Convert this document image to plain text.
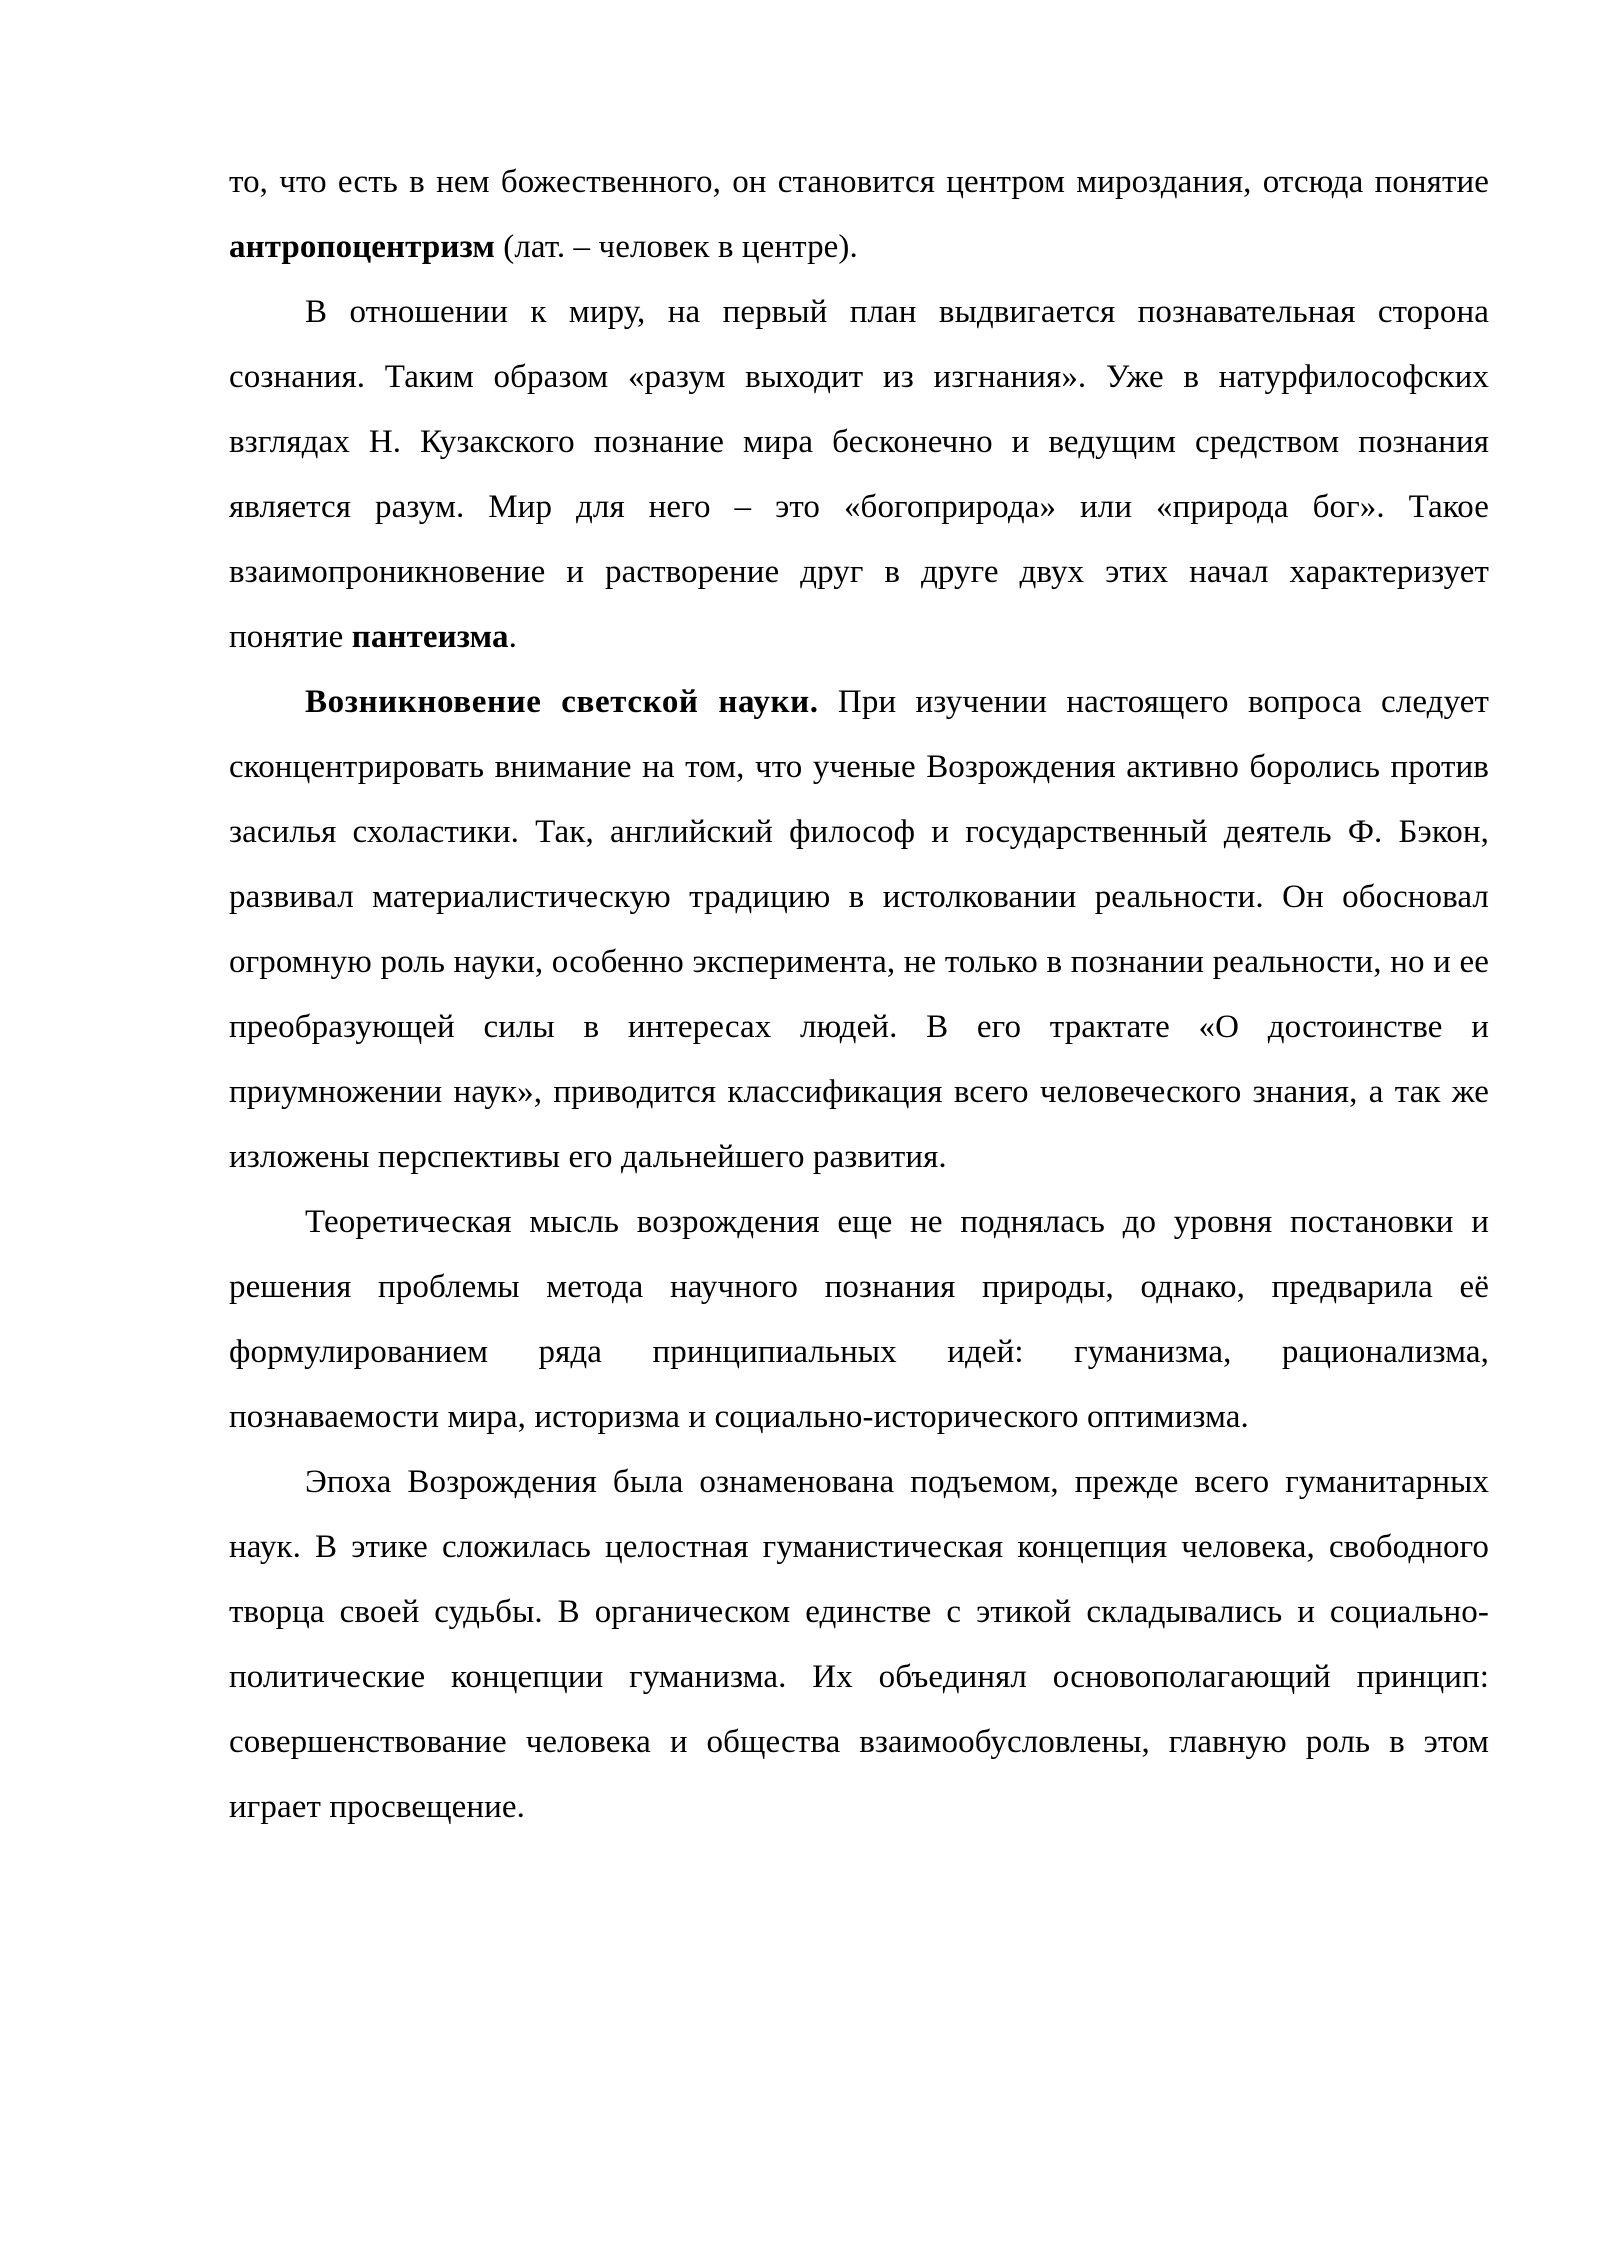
то, что есть в нем божественного, он становится центром мироздания, отсюда понятие антропоцентризм (лат. – человек в центре).

В отношении к миру, на первый план выдвигается познавательная сторона сознания. Таким образом «разум выходит из изгнания». Уже в натурфилософских взглядах Н. Кузакского познание мира бесконечно и ведущим средством познания является разум. Мир для него – это «богоприрода» или «природа бог». Такое взаимопроникновение и растворение друг в друге двух этих начал характеризует понятие пантеизма.

Возникновение светской науки. При изучении настоящего вопроса следует сконцентрировать внимание на том, что ученые Возрождения активно боролись против засилья схоластики. Так, английский философ и государственный деятель Ф. Бэкон, развивал материалистическую традицию в истолковании реальности. Он обосновал огромную роль науки, особенно эксперимента, не только в познании реальности, но и ее преобразующей силы в интересах людей. В его трактате «О достоинстве и приумножении наук», приводится классификация всего человеческого знания, а так же изложены перспективы его дальнейшего развития.

Теоретическая мысль возрождения еще не поднялась до уровня постановки и решения проблемы метода научного познания природы, однако, предварила её формулированием ряда принципиальных идей: гуманизма, рационализма, познаваемости мира, историзма и социально-исторического оптимизма.

Эпоха Возрождения была ознаменована подъемом, прежде всего гуманитарных наук. В этике сложилась целостная гуманистическая концепция человека, свободного творца своей судьбы. В органическом единстве с этикой складывались и социально-политические концепции гуманизма. Их объединял основополагающий принцип: совершенствование человека и общества взаимообусловлены, главную роль в этом играет просвещение.
